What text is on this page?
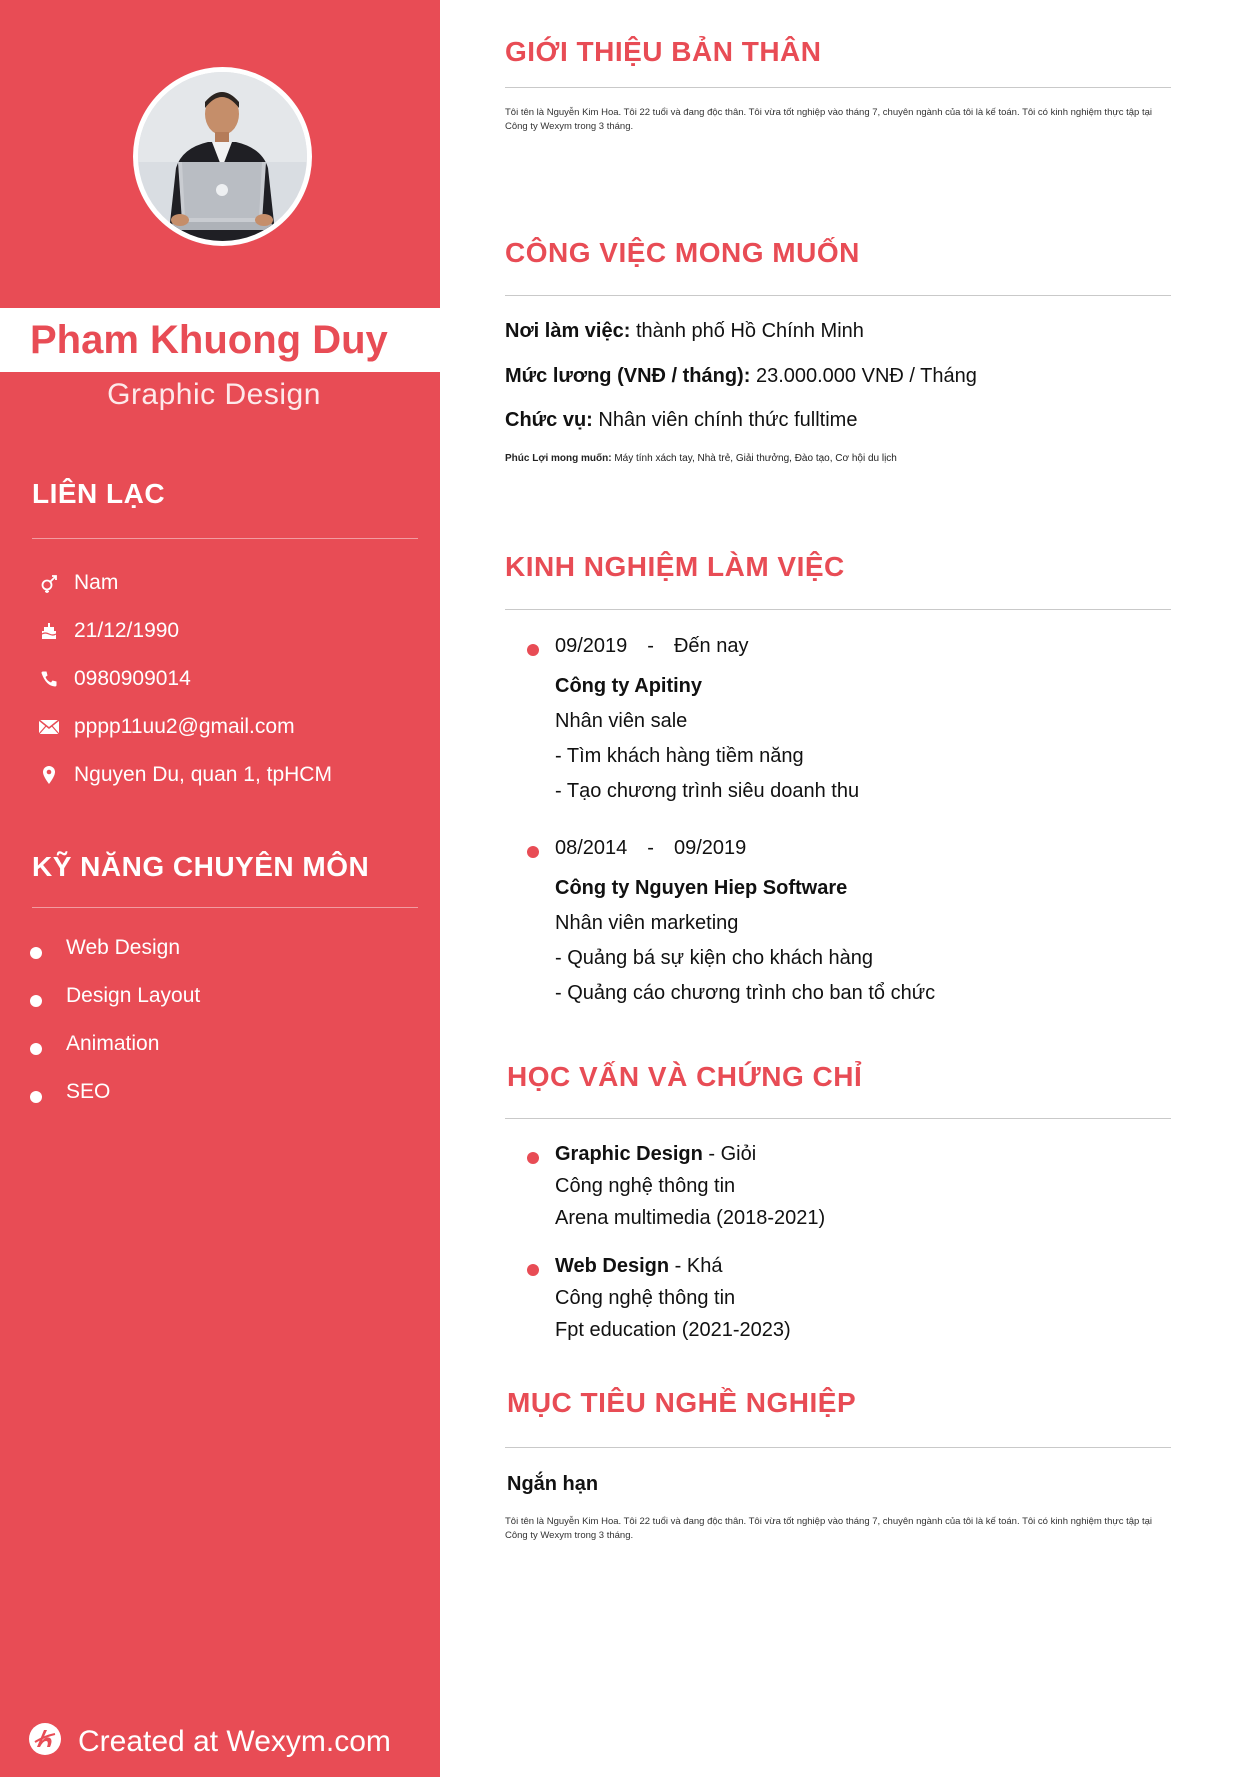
Pham Khuong Duy
Graphic Design
LIÊN LẠC
Nam
21/12/1990
0980909014
pppp11uu2@gmail.com
Nguyen Du, quan 1, tpHCM
KỸ NĂNG CHUYÊN MÔN
Web Design
Design Layout
Animation
SEO
Created at Wexym.com
GIỚI THIỆU BẢN THÂN
Tôi tên là Nguyễn Kim Hoa. Tôi 22 tuổi và đang độc thân. Tôi vừa tốt nghiệp vào tháng 7, chuyên ngành của tôi là kế toán. Tôi có kinh nghiệm thực tập tại Công ty Wexym trong 3 tháng.
CÔNG VIỆC MONG MUỐN
Nơi làm việc: thành phố Hồ Chính Minh
Mức lương (VNĐ / tháng): 23.000.000 VNĐ / Tháng
Chức vụ: Nhân viên chính thức fulltime
Phúc Lợi mong muốn: Máy tính xách tay, Nhà trẻ, Giải thưởng, Đào tạo, Cơ hội du lịch
KINH NGHIỆM LÀM VIỆC
09/2019 - Đến nay
Công ty Apitiny
Nhân viên sale
- Tìm khách hàng tiềm năng
- Tạo chương trình siêu doanh thu
08/2014 - 09/2019
Công ty Nguyen Hiep Software
Nhân viên marketing
- Quảng bá sự kiện cho khách hàng
- Quảng cáo chương trình cho ban tổ chức
HỌC VẤN VÀ CHỨNG CHỈ
Graphic Design - Giỏi
Công nghệ thông tin
Arena multimedia (2018-2021)
Web Design - Khá
Công nghệ thông tin
Fpt education (2021-2023)
MỤC TIÊU NGHỀ NGHIỆP
Ngắn hạn
Tôi tên là Nguyễn Kim Hoa. Tôi 22 tuổi và đang độc thân. Tôi vừa tốt nghiệp vào tháng 7, chuyên ngành của tôi là kế toán. Tôi có kinh nghiệm thực tập tại Công ty Wexym trong 3 tháng.
